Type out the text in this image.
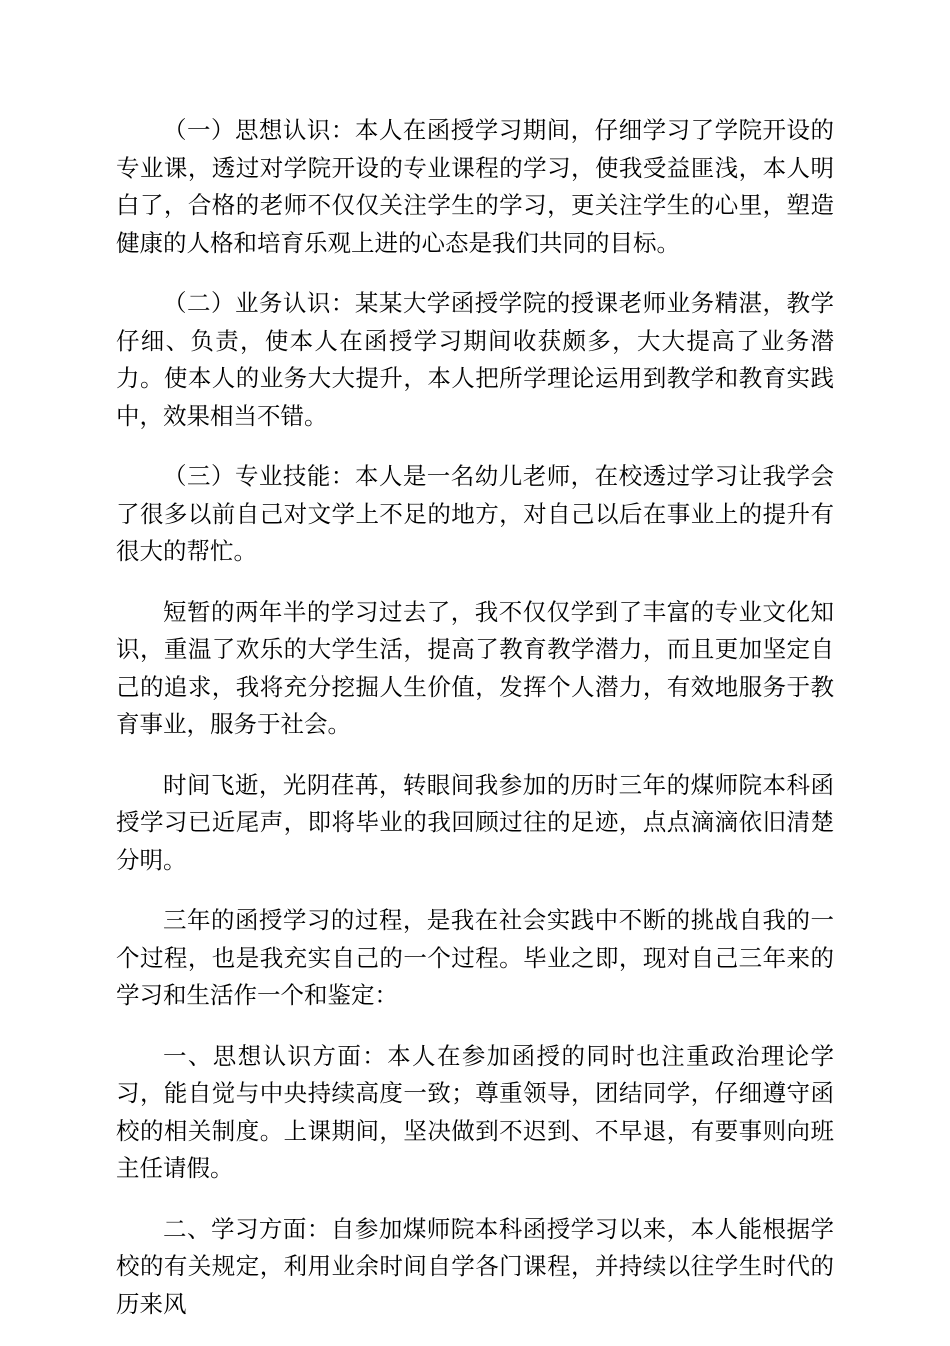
（一）思想认识：本人在函授学习期间，仔细学习了学院开设的专业课，透过对学院开设的专业课程的学习，使我受益匪浅，本人明白了，合格的老师不仅仅关注学生的学习，更关注学生的心里，塑造健康的人格和培育乐观上进的心态是我们共同的目标。

（二）业务认识：某某大学函授学院的授课老师业务精湛，教学仔细、负责，使本人在函授学习期间收获颇多，大大提高了业务潜力。使本人的业务大大提升，本人把所学理论运用到教学和教育实践中，效果相当不错。

（三）专业技能：本人是一名幼儿老师，在校透过学习让我学会了很多以前自己对文学上不足的地方，对自己以后在事业上的提升有很大的帮忙。

短暂的两年半的学习过去了，我不仅仅学到了丰富的专业文化知识，重温了欢乐的大学生活，提高了教育教学潜力，而且更加坚定自己的追求，我将充分挖掘人生价值，发挥个人潜力，有效地服务于教育事业，服务于社会。

时间飞逝，光阴荏苒，转眼间我参加的历时三年的煤师院本科函授学习已近尾声，即将毕业的我回顾过往的足迹，点点滴滴依旧清楚分明。

三年的函授学习的过程，是我在社会实践中不断的挑战自我的一个过程，也是我充实自己的一个过程。毕业之即，现对自己三年来的学习和生活作一个和鉴定：

一、思想认识方面：本人在参加函授的同时也注重政治理论学习，能自觉与中央持续高度一致；尊重领导，团结同学，仔细遵守函校的相关制度。上课期间，坚决做到不迟到、不早退，有要事则向班主任请假。

二、学习方面：自参加煤师院本科函授学习以来，本人能根据学校的有关规定，利用业余时间自学各门课程，并持续以往学生时代的历来风
